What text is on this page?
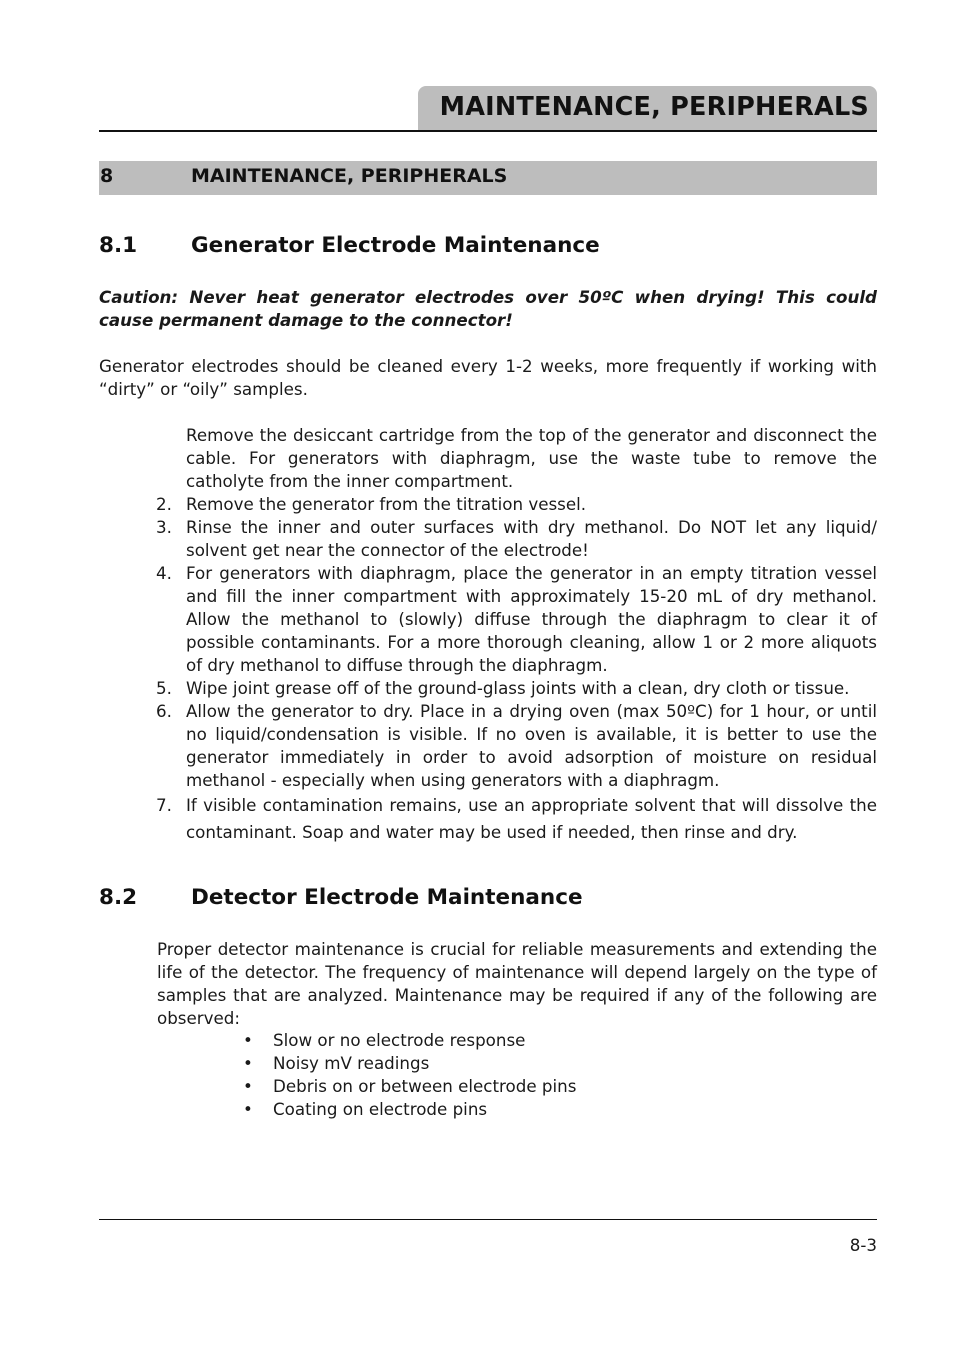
MAINTENANCE, PERIPHERALS
8	MAINTENANCE, PERIPHERALS
8.1	Generator Electrode Maintenance

Caution: Never heat generator electrodes over 50ºC when drying! This could cause permanent damage to the connector!

Generator electrodes should be cleaned every 1-2 weeks, more frequently if working with “dirty” or “oily” samples.

Remove the desiccant cartridge from the top of the generator and disconnect the cable. For generators with diaphragm, use the waste tube to remove the catholyte from the inner compartment.
2. Remove the generator from the titration vessel.
3. Rinse the inner and outer surfaces with dry methanol. Do NOT let any liquid/ solvent get near the connector of the electrode!
4. For generators with diaphragm, place the generator in an empty titration vessel and fill the inner compartment with approximately 15-20 mL of dry methanol. Allow the methanol to (slowly) diffuse through the diaphragm to clear it of possible contaminants. For a more thorough cleaning, allow 1 or 2 more aliquots of dry methanol to diffuse through the diaphragm.
5. Wipe joint grease off of the ground-glass joints with a clean, dry cloth or tissue.
6. Allow the generator to dry. Place in a drying oven (max 50ºC) for 1 hour, or until no liquid/condensation is visible. If no oven is available, it is better to use the generator immediately in order to avoid adsorption of moisture on residual methanol - especially when using generators with a diaphragm.
7. If visible contamination remains, use an appropriate solvent that will dissolve the contaminant. Soap and water may be used if needed, then rinse and dry.
8.2	Detector Electrode Maintenance

Proper detector maintenance is crucial for reliable measurements and extending the life of the detector. The frequency of maintenance will depend largely on the type of samples that are analyzed. Maintenance may be required if any of the following are observed:

• Slow or no electrode response
• Noisy mV readings
• Debris on or between electrode pins
• Coating on electrode pins
8-3
